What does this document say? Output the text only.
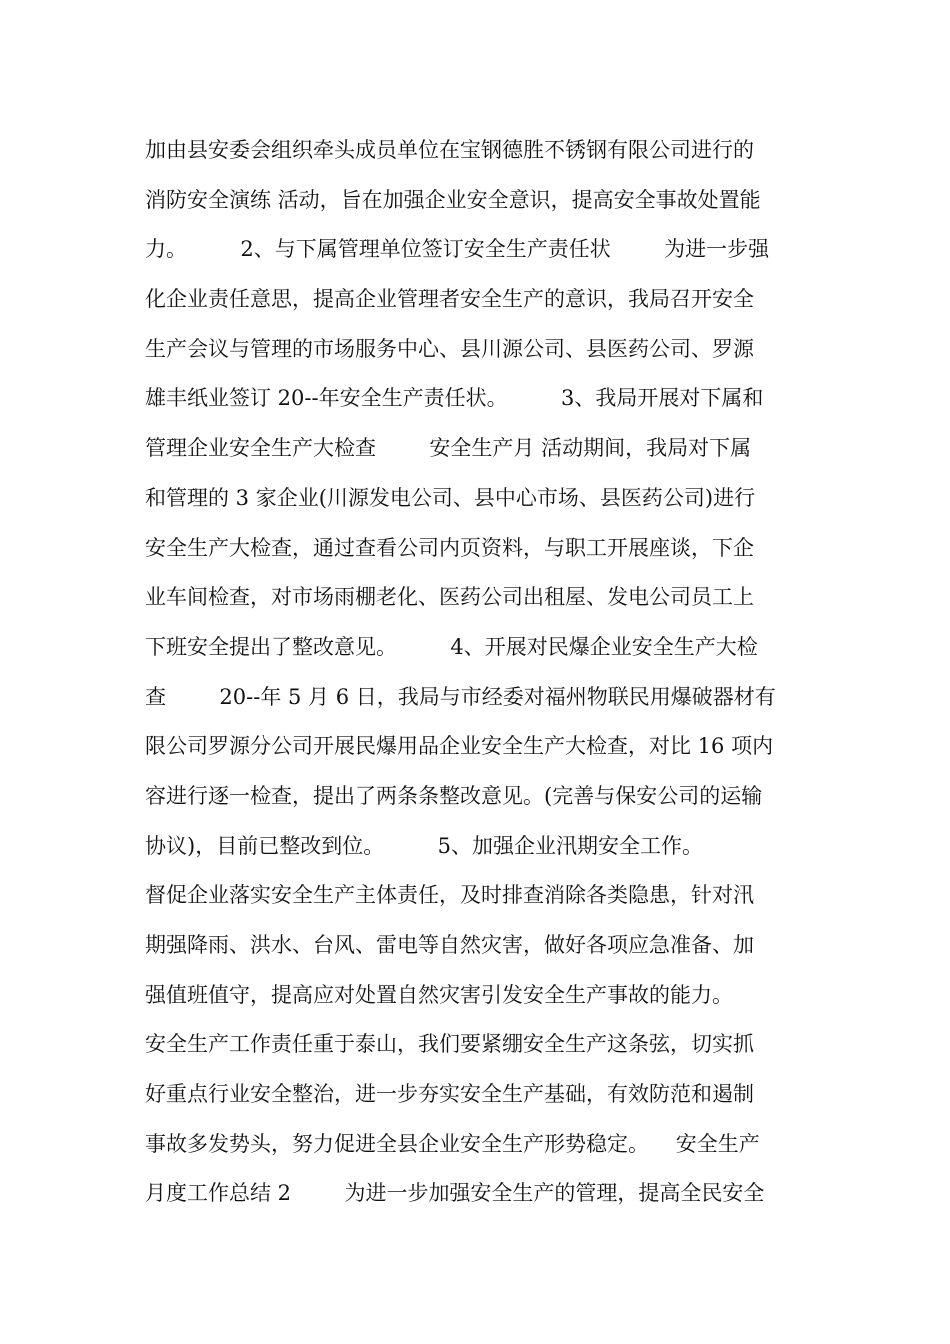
加由县安委会组织牵头成员单位在宝钢德胜不锈钢有限公司进行的
消防安全演练 活动，旨在加强企业安全意识，提高安全事故处置能
力。        2、与下属管理单位签订安全生产责任状        为进一步强
化企业责任意思，提高企业管理者安全生产的意识，我局召开安全
生产会议与管理的市场服务中心、县川源公司、县医药公司、罗源
雄丰纸业签订 20--年安全生产责任状。        3、我局开展对下属和
管理企业安全生产大检查        安全生产月 活动期间，我局对下属
和管理的 3 家企业(川源发电公司、县中心市场、县医药公司)进行
安全生产大检查，通过查看公司内页资料，与职工开展座谈，下企
业车间检查，对市场雨棚老化、医药公司出租屋、发电公司员工上
下班安全提出了整改意见。        4、开展对民爆企业安全生产大检
查        20--年 5 月 6 日，我局与市经委对福州物联民用爆破器材有
限公司罗源分公司开展民爆用品企业安全生产大检查，对比 16 项内
容进行逐一检查，提出了两条条整改意见。(完善与保安公司的运输
协议)，目前已整改到位。        5、加强企业汛期安全工作。
督促企业落实安全生产主体责任，及时排查消除各类隐患，针对汛
期强降雨、洪水、台风、雷电等自然灾害，做好各项应急准备、加
强值班值守，提高应对处置自然灾害引发安全生产事故的能力。
安全生产工作责任重于泰山，我们要紧绷安全生产这条弦，切实抓
好重点行业安全整治，进一步夯实安全生产基础，有效防范和遏制
事故多发势头，努力促进全县企业安全生产形势稳定。    安全生产
月度工作总结 2        为进一步加强安全生产的管理，提高全民安全
